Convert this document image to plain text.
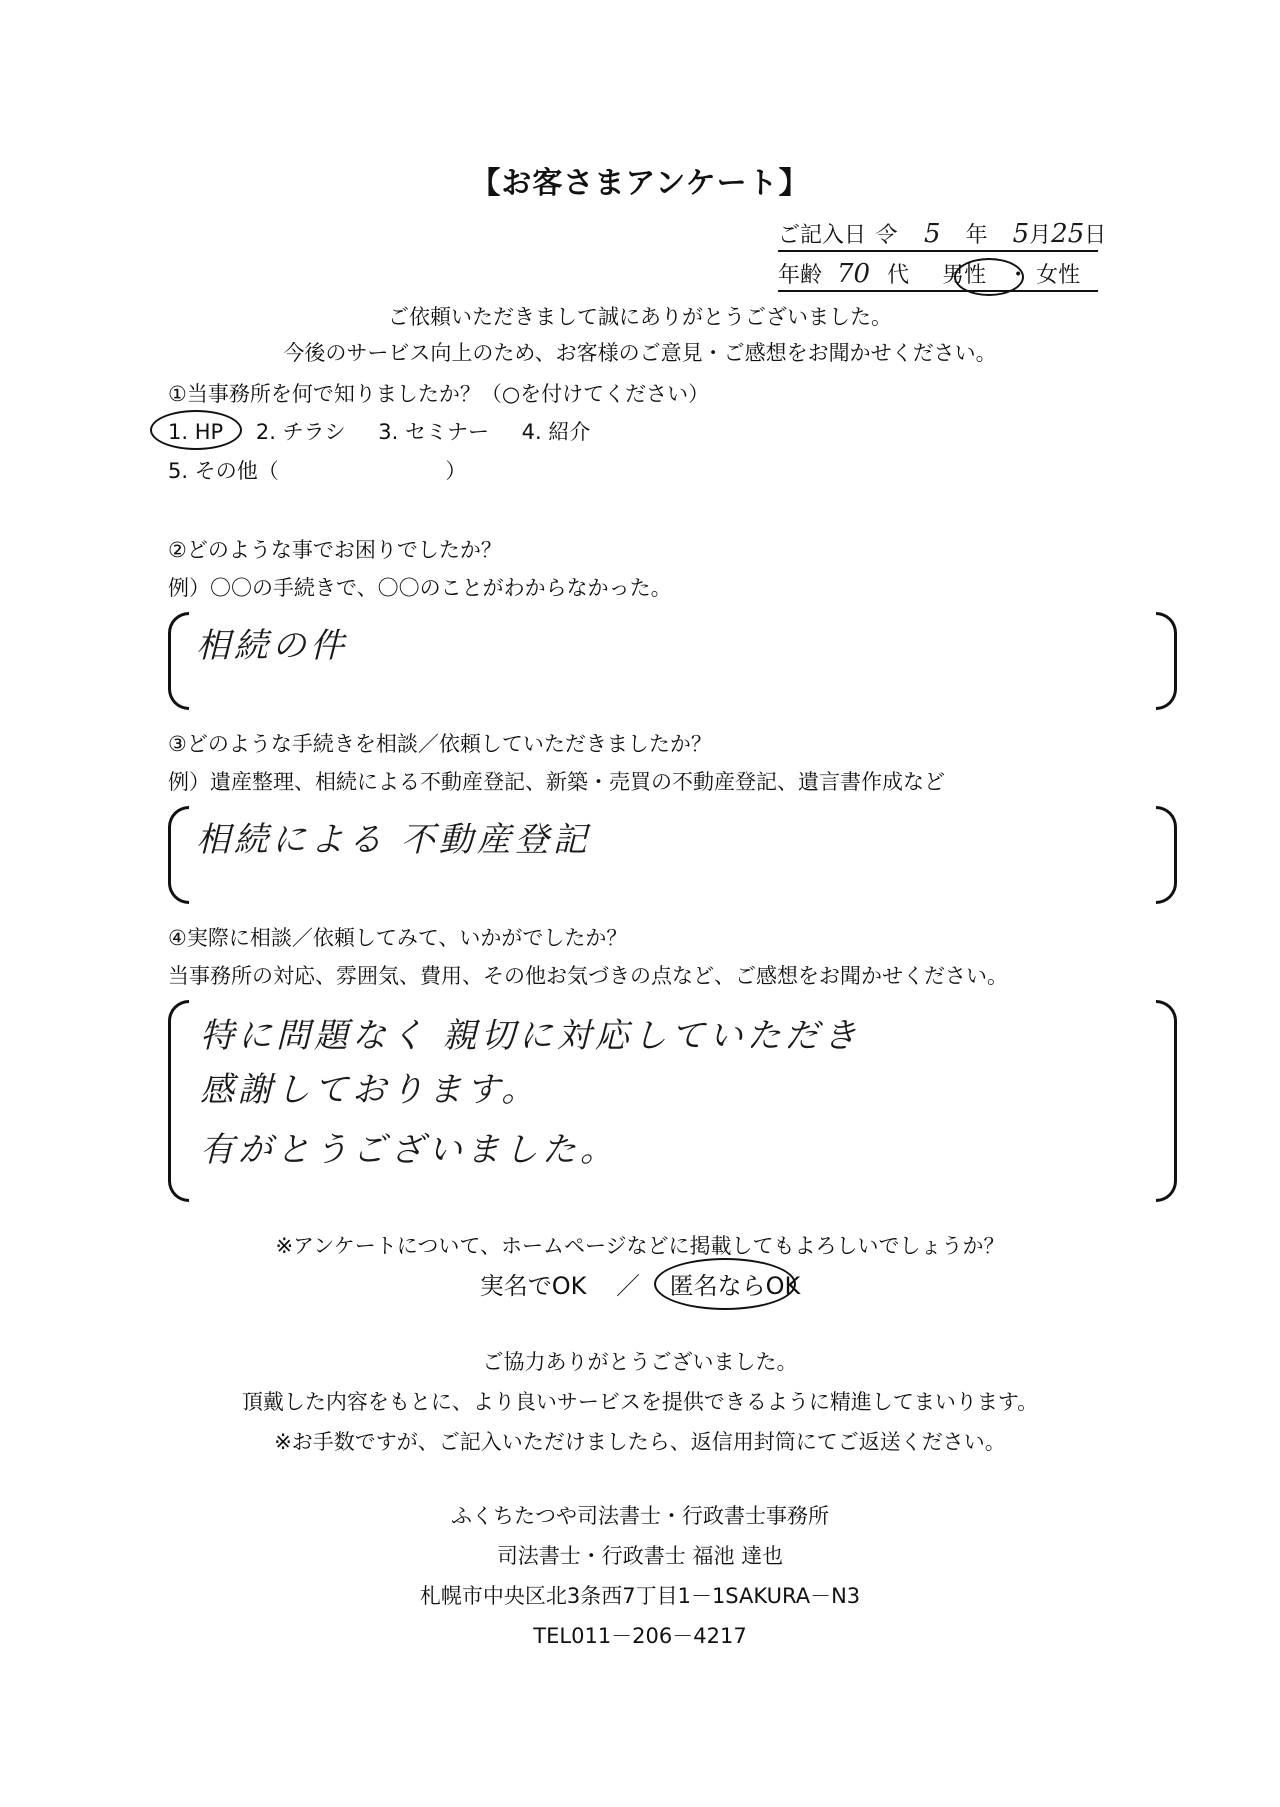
【お客さまアンケート】
ご記入日 令 5 年 5月25日
年齢 70 代 男性 ・ 女性
ご依頼いただきまして誠にありがとうございました。
今後のサービス向上のため、お客様のご意見・ご感想をお聞かせください。
①当事務所を何で知りましたか？（○を付けてください）
1. HP 2. チラシ 3. セミナー 4. 紹介
5. その他（	）
②どのような事でお困りでしたか？
例）〇〇の手続きで、〇〇のことがわからなかった。
相続の件
③どのような手続きを相談／依頼していただきましたか？
例）遺産整理、相続による不動産登記、新築・売買の不動産登記、遺言書作成など
相続による 不動産登記
④実際に相談／依頼してみて、いかがでしたか？
当事務所の対応、雰囲気、費用、その他お気づきの点など、ご感想をお聞かせください。
特に問題なく 親切に対応していただき
感謝しております。
有がとうございました。
※アンケートについて、ホームページなどに掲載してもよろしいでしょうか？
実名でOK ／ 匿名ならOK
ご協力ありがとうございました。
頂戴した内容をもとに、より良いサービスを提供できるように精進してまいります。
※お手数ですが、ご記入いただけましたら、返信用封筒にてご返送ください。
ふくちたつや司法書士・行政書士事務所
司法書士・行政書士 福池 達也
札幌市中央区北3条西7丁目1－1SAKURA－N3
TEL011－206－4217
